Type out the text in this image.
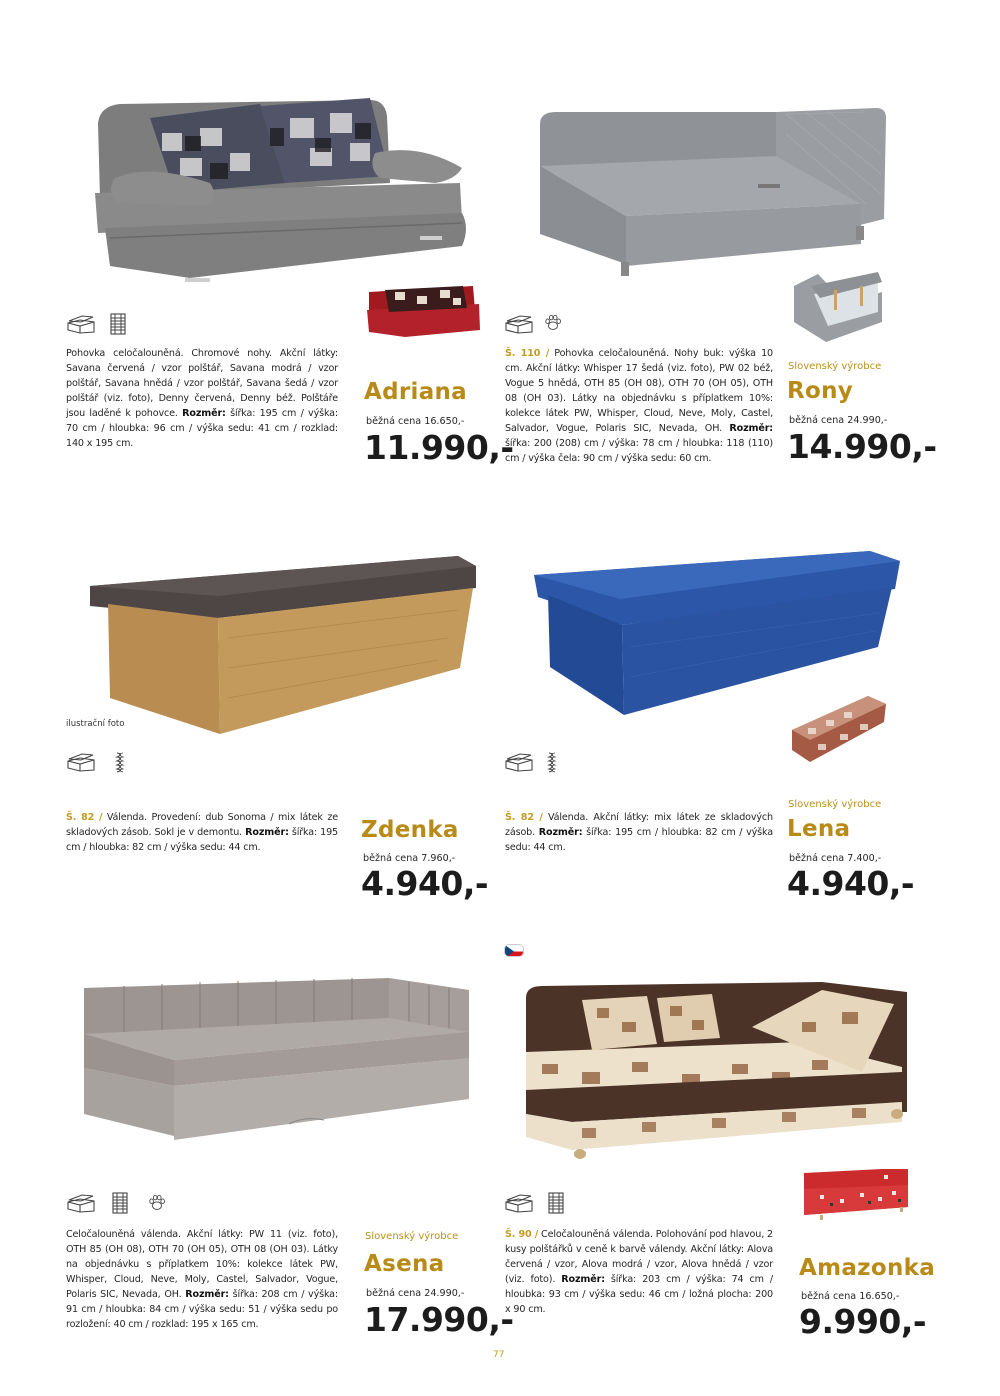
Pohovka celočalouněná. Chromové nohy. Akční látky: Savana červená / vzor polštář, Savana modrá / vzor polštář, Savana hnědá / vzor polštář, Savana šedá / vzor polštář (viz. foto), Denny červená, Denny béž. Polštáře jsou laděné k pohovce. Rozměr: šířka: 195 cm / výška: 70 cm / hloubka: 96 cm / výška sedu: 41 cm / rozklad: 140 x 195 cm.
Adriana
běžná cena 16.650,-
11.990,-
Š. 110 / Pohovka celočalouněná. Nohy buk: výška 10 cm. Akční látky: Whisper 17 šedá (viz. foto), PW 02 béž, Vogue 5 hnědá, OTH 85 (OH 08), OTH 70 (OH 05), OTH 08 (OH 03). Látky na objednávku s příplatkem 10%: kolekce látek PW, Whisper, Cloud, Neve, Moly, Castel, Salvador, Vogue, Polaris SIC, Nevada, OH. Rozměr: šířka: 200 (208) cm / výška: 78 cm / hloubka: 118 (110) cm / výška čela: 90 cm / výška sedu: 60 cm.
Slovenský výrobce
Rony
běžná cena 24.990,-
14.990,-
ilustrační foto
Š. 82 / Válenda. Provedení: dub Sonoma / mix látek ze skladových zásob. Sokl je v demontu. Rozměr: šířka: 195 cm / hloubka: 82 cm / výška sedu: 44 cm.
Zdenka
běžná cena 7.960,-
4.940,-
Š. 82 / Válenda. Akční látky: mix látek ze skladových zásob. Rozměr: šířka: 195 cm / hloubka: 82 cm / výška sedu: 44 cm.
Slovenský výrobce
Lena
běžná cena 7.400,-
4.940,-
Celočalouněná válenda. Akční látky: PW 11 (viz. foto), OTH 85 (OH 08), OTH 70 (OH 05), OTH 08 (OH 03). Látky na objednávku s příplatkem 10%: kolekce látek PW, Whisper, Cloud, Neve, Moly, Castel, Salvador, Vogue, Polaris SIC, Nevada, OH. Rozměr: šířka: 208 cm / výška: 91 cm / hloubka: 84 cm / výška sedu: 51 / výška sedu po rozložení: 40 cm / rozklad: 195 x 165 cm.
Slovenský výrobce
Asena
běžná cena 24.990,-
17.990,-
Š. 90 / Celočalouněná válenda. Polohování pod hlavou, 2 kusy polštářků v ceně k barvě válendy. Akční látky: Alova červená / vzor, Alova modrá / vzor, Alova hnědá / vzor (viz. foto). Rozměr: šířka: 203 cm / výška: 74 cm / hloubka: 93 cm / výška sedu: 46 cm / ložná plocha: 200 x 90 cm.
Amazonka
běžná cena 16.650,-
9.990,-
77
